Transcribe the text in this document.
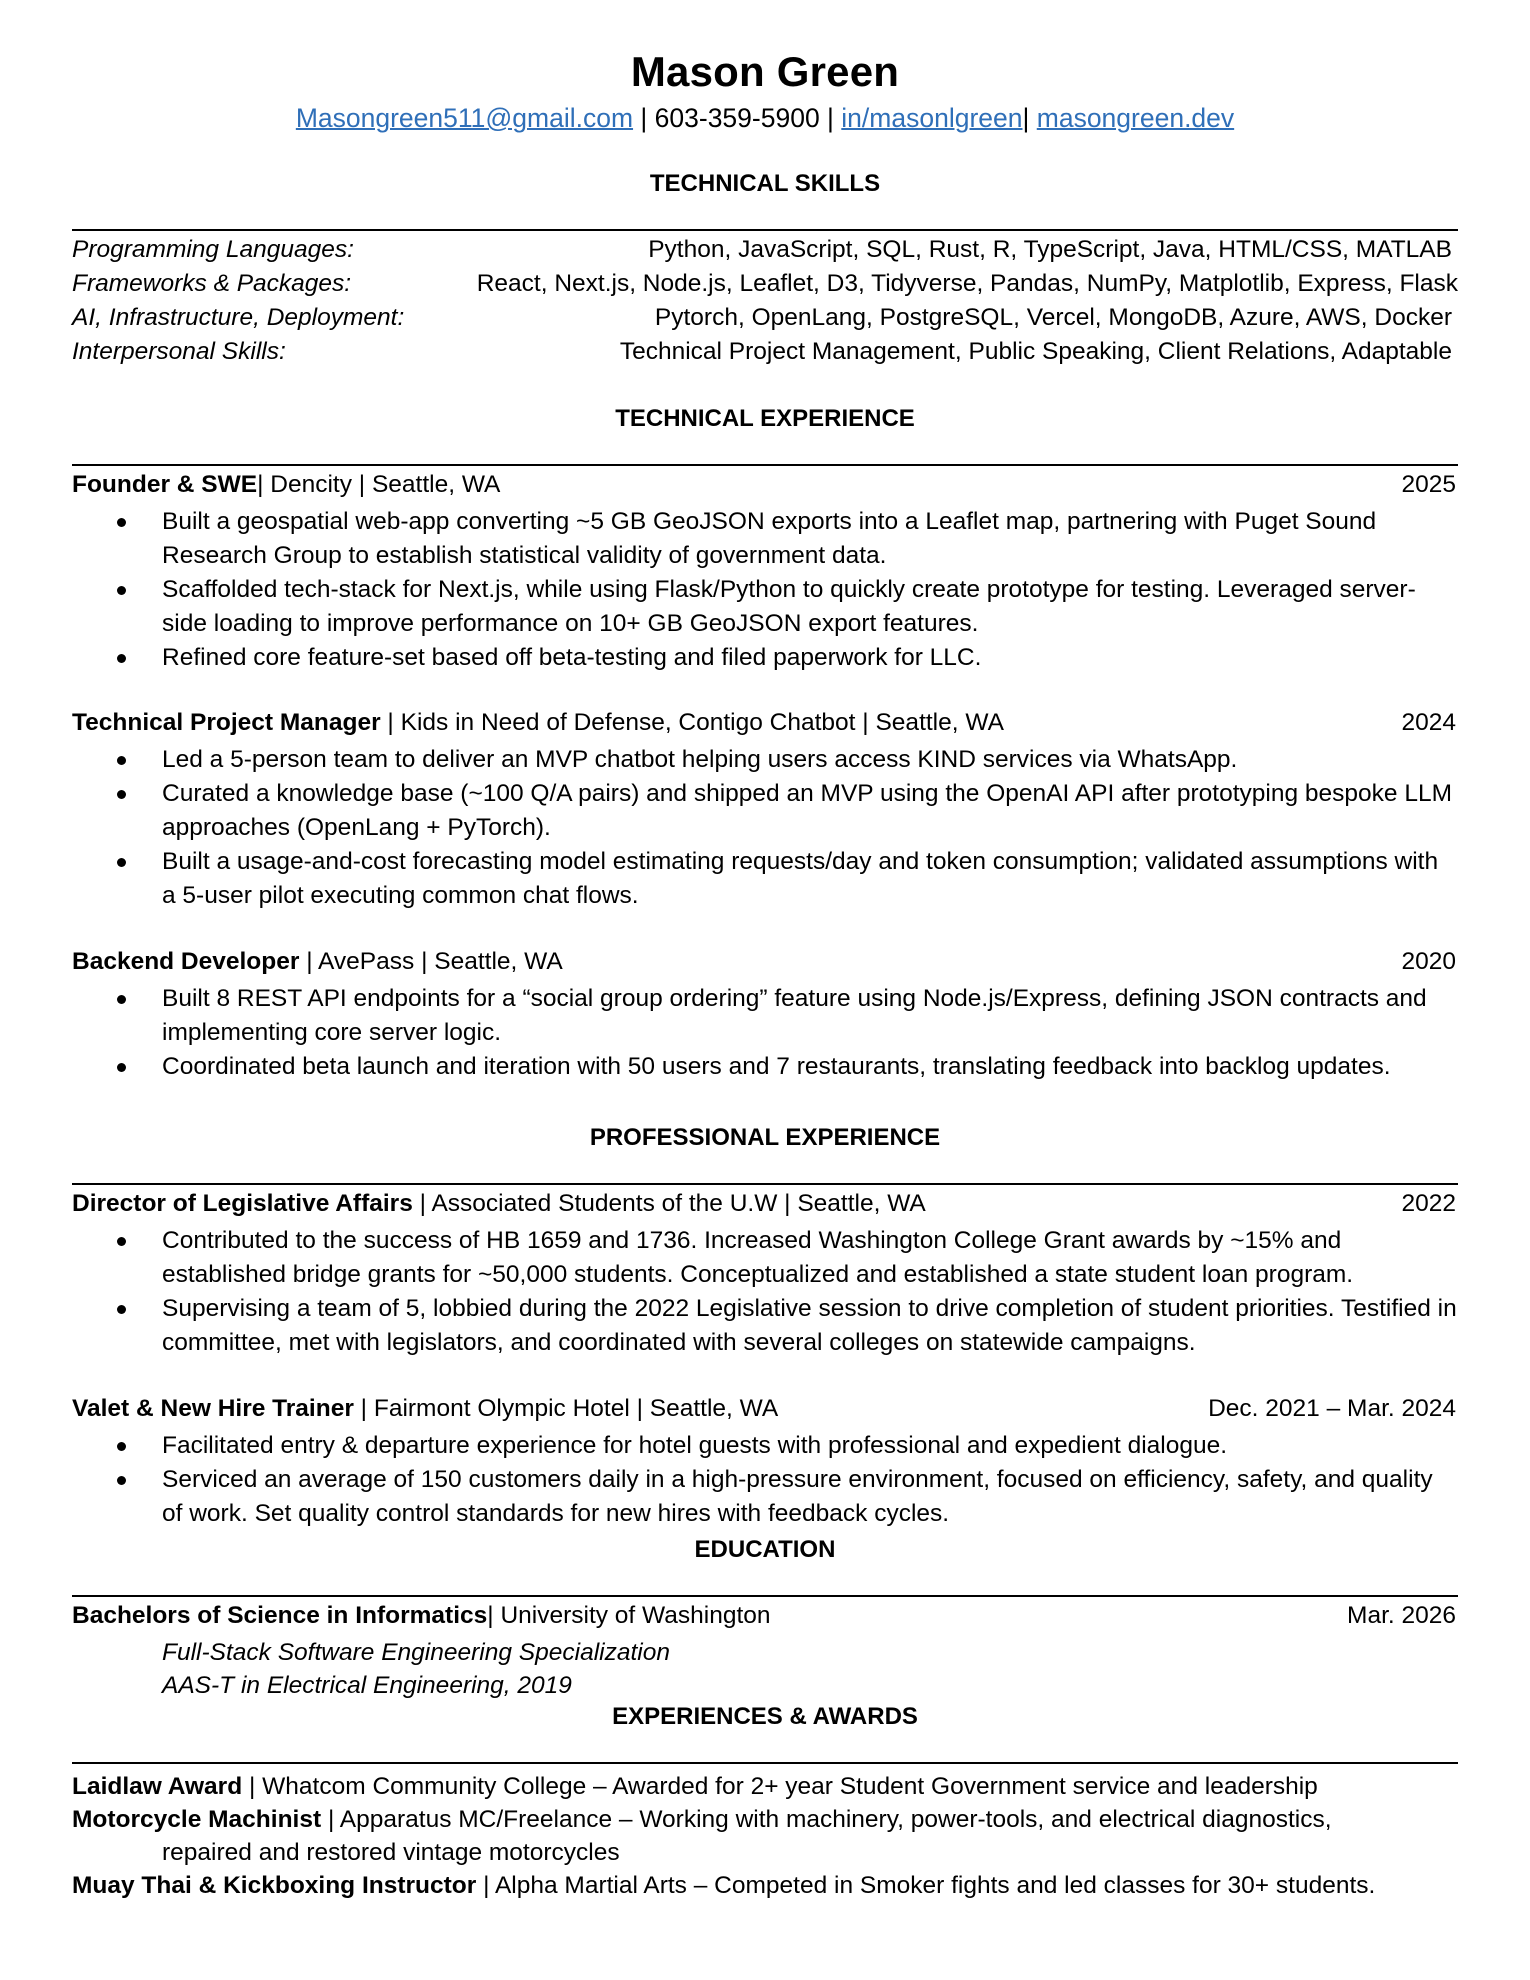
Mason Green
Masongreen511@gmail.com | 603-359-5900 | in/masonlgreen| masongreen.dev
TECHNICAL SKILLS
Programming Languages:	Python, JavaScript, SQL, Rust, R, TypeScript, Java, HTML/CSS, MATLAB
Frameworks & Packages:	React, Next.js, Node.js, Leaflet, D3, Tidyverse, Pandas, NumPy, Matplotlib, Express, Flask
AI, Infrastructure, Deployment:	Pytorch, OpenLang, PostgreSQL, Vercel, MongoDB, Azure, AWS, Docker
Interpersonal Skills:	Technical Project Management, Public Speaking, Client Relations, Adaptable
TECHNICAL EXPERIENCE
Founder & SWE| Dencity | Seattle, WA	2025
Built a geospatial web-app converting ~5 GB GeoJSON exports into a Leaflet map, partnering with Puget Sound Research Group to establish statistical validity of government data.
Scaffolded tech-stack for Next.js, while using Flask/Python to quickly create prototype for testing. Leveraged server-side loading to improve performance on 10+ GB GeoJSON export features.
Refined core feature-set based off beta-testing and filed paperwork for LLC.
Technical Project Manager | Kids in Need of Defense, Contigo Chatbot | Seattle, WA	2024
Led a 5-person team to deliver an MVP chatbot helping users access KIND services via WhatsApp.
Curated a knowledge base (~100 Q/A pairs) and shipped an MVP using the OpenAI API after prototyping bespoke LLM approaches (OpenLang + PyTorch).
Built a usage-and-cost forecasting model estimating requests/day and token consumption; validated assumptions with a 5-user pilot executing common chat flows.
Backend Developer | AvePass | Seattle, WA	2020
Built 8 REST API endpoints for a “social group ordering” feature using Node.js/Express, defining JSON contracts and implementing core server logic.
Coordinated beta launch and iteration with 50 users and 7 restaurants, translating feedback into backlog updates.
PROFESSIONAL EXPERIENCE
Director of Legislative Affairs | Associated Students of the U.W | Seattle, WA	2022
Contributed to the success of HB 1659 and 1736. Increased Washington College Grant awards by ~15% and established bridge grants for ~50,000 students. Conceptualized and established a state student loan program.
Supervising a team of 5, lobbied during the 2022 Legislative session to drive completion of student priorities. Testified in committee, met with legislators, and coordinated with several colleges on statewide campaigns.
Valet & New Hire Trainer | Fairmont Olympic Hotel | Seattle, WA	Dec. 2021 – Mar. 2024
Facilitated entry & departure experience for hotel guests with professional and expedient dialogue.
Serviced an average of 150 customers daily in a high-pressure environment, focused on efficiency, safety, and quality of work. Set quality control standards for new hires with feedback cycles.
EDUCATION
Bachelors of Science in Informatics| University of Washington	Mar. 2026
Full-Stack Software Engineering Specialization
AAS-T in Electrical Engineering, 2019
EXPERIENCES & AWARDS
Laidlaw Award | Whatcom Community College – Awarded for 2+ year Student Government service and leadership
Motorcycle Machinist | Apparatus MC/Freelance – Working with machinery, power-tools, and electrical diagnostics,
repaired and restored vintage motorcycles
Muay Thai & Kickboxing Instructor | Alpha Martial Arts – Competed in Smoker fights and led classes for 30+ students.
